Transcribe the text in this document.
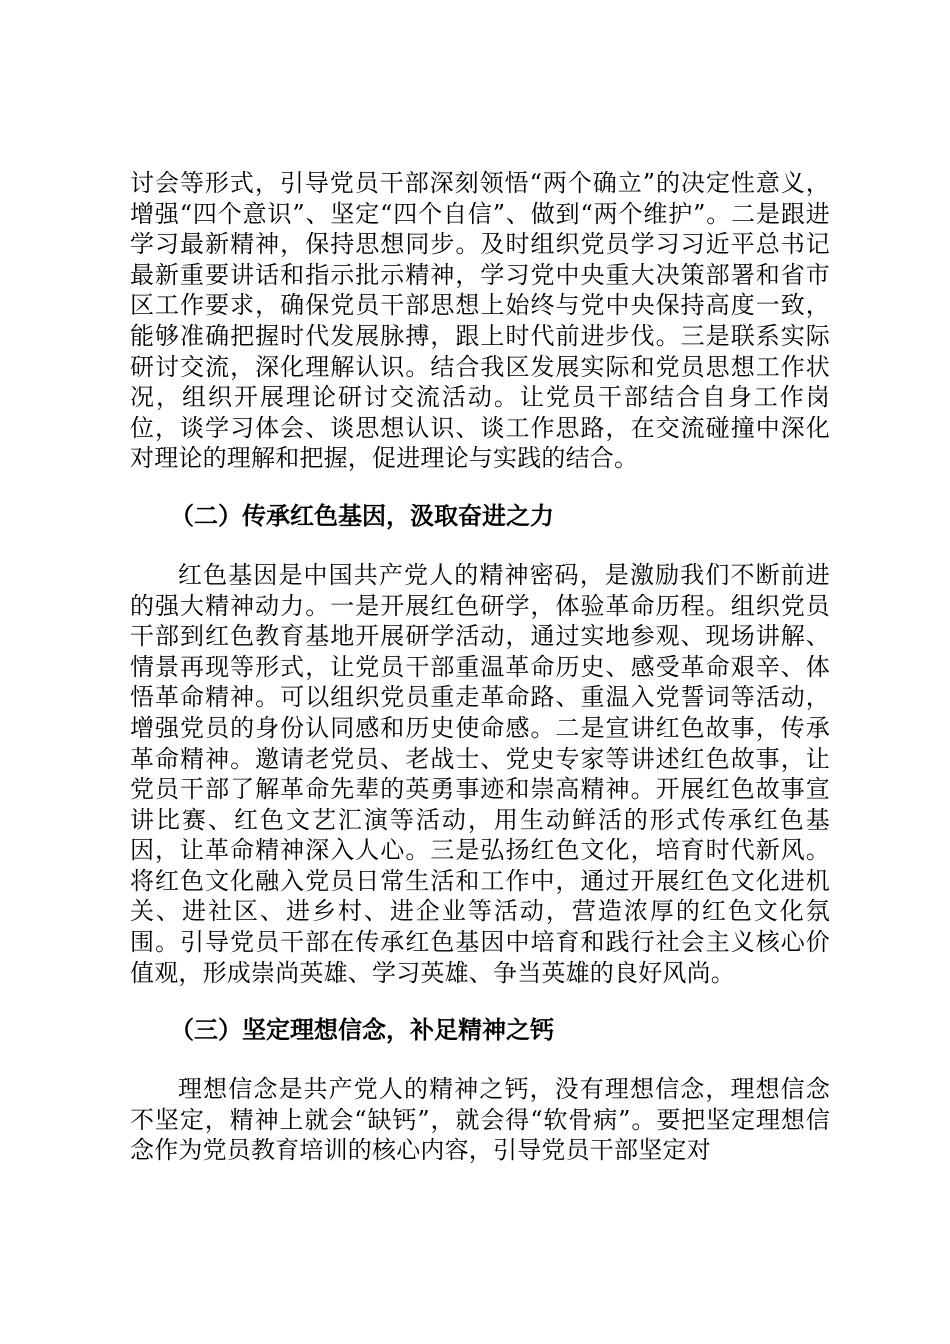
讨会等形式，引导党员干部深刻领悟“两个确立”的决定性意义，增强“四个意识”、坚定“四个自信”、做到“两个维护”。二是跟进学习最新精神，保持思想同步。及时组织党员学习习近平总书记最新重要讲话和指示批示精神，学习党中央重大决策部署和省市区工作要求，确保党员干部思想上始终与党中央保持高度一致，能够准确把握时代发展脉搏，跟上时代前进步伐。三是联系实际研讨交流，深化理解认识。结合我区发展实际和党员思想工作状况，组织开展理论研讨交流活动。让党员干部结合自身工作岗位，谈学习体会、谈思想认识、谈工作思路，在交流碰撞中深化对理论的理解和把握，促进理论与实践的结合。

（二）传承红色基因，汲取奋进之力

红色基因是中国共产党人的精神密码，是激励我们不断前进的强大精神动力。一是开展红色研学，体验革命历程。组织党员干部到红色教育基地开展研学活动，通过实地参观、现场讲解、情景再现等形式，让党员干部重温革命历史、感受革命艰辛、体悟革命精神。可以组织党员重走革命路、重温入党誓词等活动，增强党员的身份认同感和历史使命感。二是宣讲红色故事，传承革命精神。邀请老党员、老战士、党史专家等讲述红色故事，让党员干部了解革命先辈的英勇事迹和崇高精神。开展红色故事宣讲比赛、红色文艺汇演等活动，用生动鲜活的形式传承红色基因，让革命精神深入人心。三是弘扬红色文化，培育时代新风。将红色文化融入党员日常生活和工作中，通过开展红色文化进机关、进社区、进乡村、进企业等活动，营造浓厚的红色文化氛围。引导党员干部在传承红色基因中培育和践行社会主义核心价值观，形成崇尚英雄、学习英雄、争当英雄的良好风尚。

（三）坚定理想信念，补足精神之钙

理想信念是共产党人的精神之钙，没有理想信念，理想信念不坚定，精神上就会“缺钙”，就会得“软骨病”。要把坚定理想信念作为党员教育培训的核心内容，引导党员干部坚定对
